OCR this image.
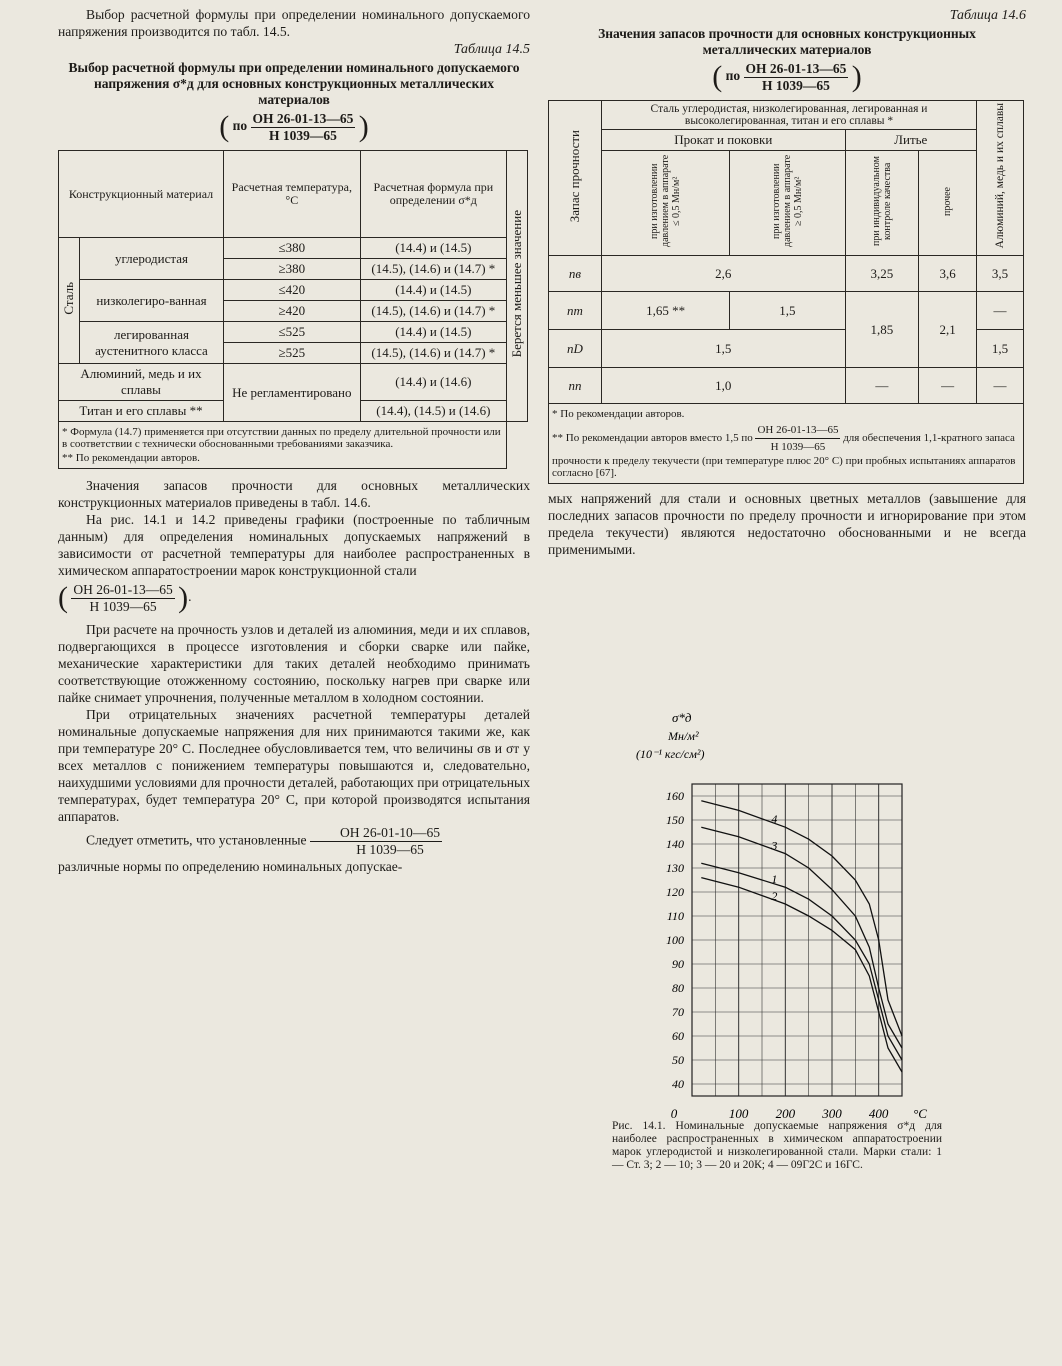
Выбор расчетной формулы при определении номинального допускаемого напряжения производится по табл. 14.5.

Таблица 14.5
Выбор расчетной формулы при определении номинального допускаемого напряжения σ*д для основных конструкционных металлических материалов
( по $\frac{ОН 26-01-13—65}{Н 1039—65}$ )
Конструкционный материал		Расчетная температура, °С	Расчетная формула при определении σ*д	Берется меньшее значение
Сталь	углеродистая	≤380	(14.4) и (14.5)	
		≥380	(14.5), (14.6) и (14.7) *	
	низколегиро-ванная	≤420	(14.4) и (14.5)	
		≥420	(14.5), (14.6) и (14.7) *	
	легированная аустенитного класса	≤525	(14.4) и (14.5)	
		≥525	(14.5), (14.6) и (14.7) *	
Алюминий, медь и их сплавы		Не регламентировано	(14.4) и (14.6)	
Титан и его сплавы **			(14.4), (14.5) и (14.6)	

* Формула (14.7) применяется при отсутствии данных по пределу длительной прочности или в соответствии с технически обоснованными требованиями заказчика.

** По рекомендации авторов.				

Значения запасов прочности для основных металлических конструкционных материалов приведены в табл. 14.6.

На рис. 14.1 и 14.2 приведены графики (построенные по табличным данным) для определения номинальных допускаемых напряжений в зависимости от расчетной температуры для наиболее распространенных в химическом аппаратостроении марок конструкционной стали

( $\frac{ОН 26-01-13—65}{Н 1039—65}$ ).

При расчете на прочность узлов и деталей из алюминия, меди и их сплавов, подвергающихся в процессе изготовления и сборки сварке или пайке, механические характеристики для таких деталей необходимо принимать соответствующие отожженному состоянию, поскольку нагрев при сварке или пайке снимает упрочнения, полученные металлом в холодном состоянии.

При отрицательных значениях расчетной температуры деталей номинальные допускаемые напряжения для них принимаются такими же, как при температуре 20° С. Последнее обусловливается тем, что величины σв и σт у всех металлов с понижением температуры повышаются и, следовательно, наихудшими условиями для прочности деталей, работающих при отрицательных температурах, будет температура 20° С, при которой производятся испытания аппаратов.

Следует отметить, что установленные $\frac{ОН 26-01-10—65}{Н 1039—65}$

различные нормы по определению номинальных допускае-

Таблица 14.6
Значения запасов прочности для основных конструкционных металлических материалов
( по $\frac{ОН 26-01-13—65}{Н 1039—65}$ )
Запас прочности	Сталь углеродистая, низколегированная, легированная и высоколегированная, титан и его сплавы *				Алюминий, медь и их сплавы
	Прокат и поковки		Литье		
	при изготовлении давлением в аппарате ≤ 0,5 Мн/м²	при изготовлении давлением в аппарате ≥ 0,5 Мн/м²	при индивидуальном контроле качества	прочее	
nв	2,6		3,25	3,6	3,5
nт	1,65 **	1,5	1,85	2,1	—
nD	1,5				1,5
nп	1,0		—	—	—

* По рекомендации авторов.

** По рекомендации авторов вместо 1,5 по $\frac{ОН 26-01-13—65}{Н 1039—65}$ для обеспечения 1,1-кратного запаса прочности к пределу текучести (при температуре плюс 20° С) при пробных испытаниях аппаратов согласно [67].					

мых напряжений для стали и основных цветных металлов (завышение для последних запасов прочности по пределу прочности и игнорирование при этом предела текучести) являются недостаточно обоснованными и не всегда применимыми.

σ*д
Мн/м²
(10⁻¹ кгс/см²)
160
150
140
130
120
110
100
90
80
70
60
50
40
0	100 200 300 400 °C
1
2
3
4
Рис. 14.1. Номинальные допускаемые напряжения σ*д для наиболее распространенных в химическом аппаратостроении марок углеродистой и низколегированной стали. Марки стали: 1 — Ст. 3; 2 — 10; 3 — 20 и 20К; 4 — 09Г2С и 16ГС.
